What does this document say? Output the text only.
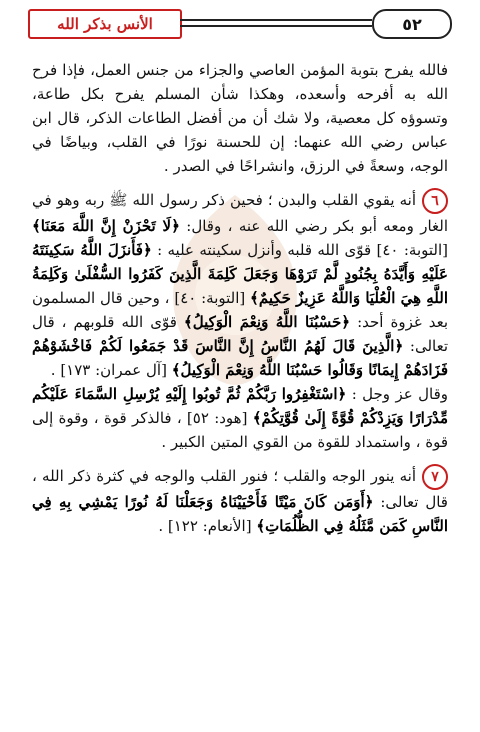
الأنس بذكر الله	٥٢

فالله يفرح بتوبة المؤمن العاصي والجزاء من جنس العمل، فإذا فرح الله به أفرحه وأسعده، وهكذا شأن المسلم يفرح بكل طاعة، وتسوؤه كل معصية، ولا شك أن من أفضل الطاعات الذكر، قال ابن عباس رضي الله عنهما: إن للحسنة نورًا في القلب، وبياضًا في الوجه، وسعةً في الرزق، وانشراحًا في الصدر .

٦أنه يقوي القلب والبدن ؛ فحين ذكر رسول الله ﷺ ربه وهو في الغار ومعه أبو بكر رضي الله عنه ، وقال: ﴿لَا تَحْزَنْ إِنَّ اللَّهَ مَعَنَا﴾ [التوبة: ٤٠] قوّى الله قلبه وأنزل سكينته عليه : ﴿فَأَنزَلَ اللَّهُ سَكِينَتَهُ عَلَيْهِ وَأَيَّدَهُ بِجُنُودٍ لَّمْ تَرَوْهَا وَجَعَلَ كَلِمَةَ الَّذِينَ كَفَرُوا السُّفْلَىٰ وَكَلِمَةُ اللَّهِ هِيَ الْعُلْيَا وَاللَّهُ عَزِيزٌ حَكِيمٌ﴾ [التوبة: ٤٠] ، وحين قال المسلمون بعد غزوة أحد: ﴿حَسْبُنَا اللَّهُ وَنِعْمَ الْوَكِيلُ﴾ قوّى الله قلوبهم ، قال تعالى: ﴿الَّذِينَ قَالَ لَهُمُ النَّاسُ إِنَّ النَّاسَ قَدْ جَمَعُوا لَكُمْ فَاخْشَوْهُمْ فَزَادَهُمْ إِيمَانًا وَقَالُوا حَسْبُنَا اللَّهُ وَنِعْمَ الْوَكِيلُ﴾ [آل عمران: ١٧٣] .
وقال عز وجل : ﴿اسْتَغْفِرُوا رَبَّكُمْ ثُمَّ تُوبُوا إِلَيْهِ يُرْسِلِ السَّمَاءَ عَلَيْكُم مِّدْرَارًا وَيَزِدْكُمْ قُوَّةً إِلَىٰ قُوَّتِكُمْ﴾ [هود: ٥٢] ، فالذكر قوة ، وقوة إلى قوة ، واستمداد للقوة من القوي المتين الكبير .

٧أنه ينور الوجه والقلب ؛ فنور القلب والوجه في كثرة ذكر الله ، قال تعالى: ﴿أَوَمَن كَانَ مَيْتًا فَأَحْيَيْنَاهُ وَجَعَلْنَا لَهُ نُورًا يَمْشِي بِهِ فِي النَّاسِ كَمَن مَّثَلُهُ فِي الظُّلُمَاتِ﴾ [الأنعام: ١٢٢] .
